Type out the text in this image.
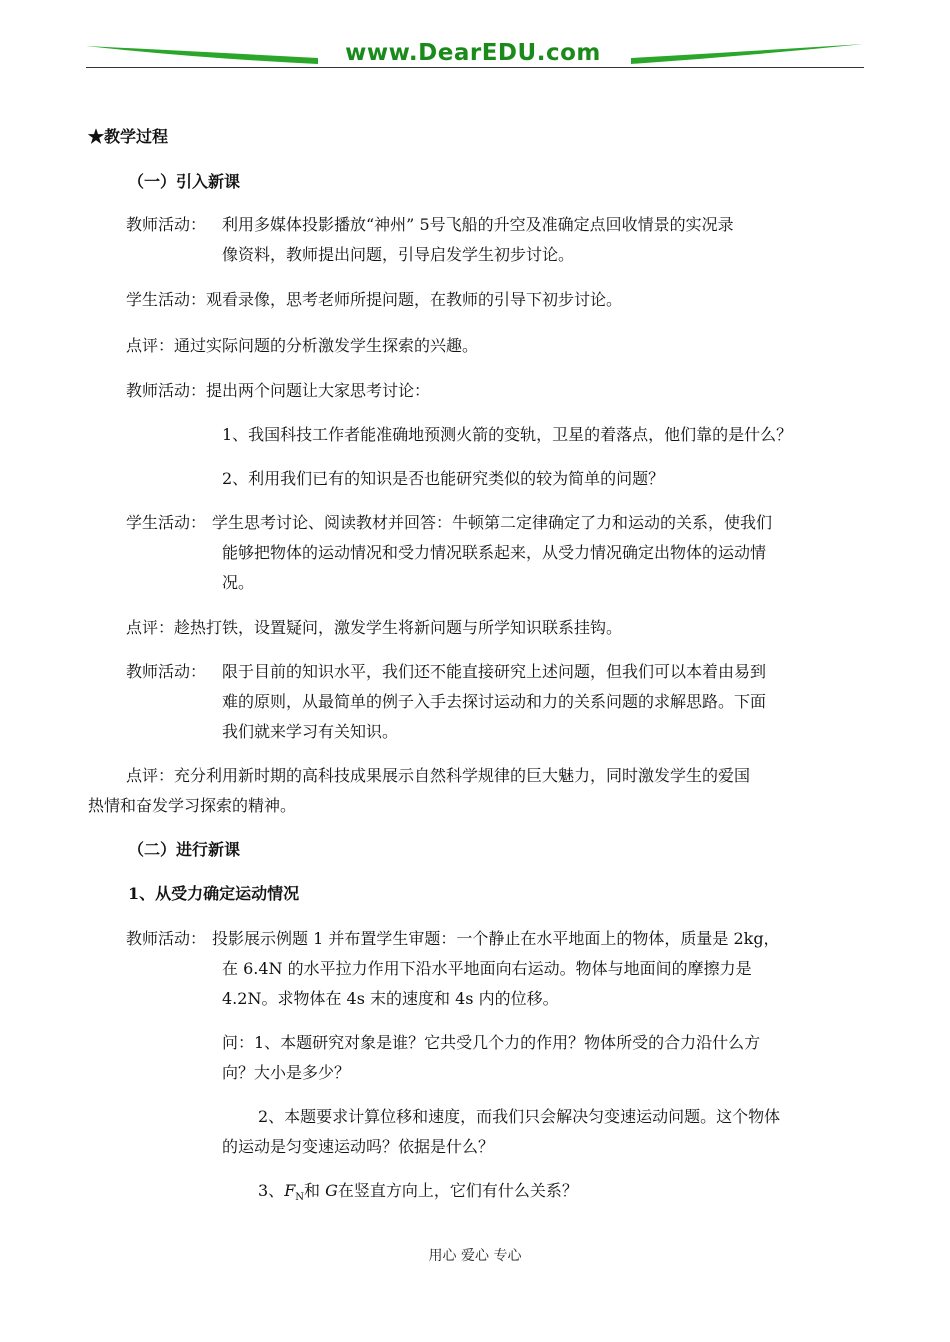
www.DearEDU.com
★教学过程
（一）引入新课
教师活动： 利用多媒体投影播放“神州” 5号飞船的升空及准确定点回收情景的实况录
像资料，教师提出问题，引导启发学生初步讨论。
学生活动：观看录像，思考老师所提问题，在教师的引导下初步讨论。
点评：通过实际问题的分析激发学生探索的兴趣。
教师活动：提出两个问题让大家思考讨论：
1、我国科技工作者能准确地预测火箭的变轨，卫星的着落点，他们靠的是什么？
2、利用我们已有的知识是否也能研究类似的较为简单的问题？
学生活动： 学生思考讨论、阅读教材并回答：牛顿第二定律确定了力和运动的关系，使我们
能够把物体的运动情况和受力情况联系起来，从受力情况确定出物体的运动情
况。
点评：趁热打铁，设置疑问，激发学生将新问题与所学知识联系挂钩。
教师活动： 限于目前的知识水平，我们还不能直接研究上述问题，但我们可以本着由易到
难的原则，从最简单的例子入手去探讨运动和力的关系问题的求解思路。下面
我们就来学习有关知识。
点评：充分利用新时期的高科技成果展示自然科学规律的巨大魅力，同时激发学生的爱国
热情和奋发学习探索的精神。
（二）进行新课
1、从受力确定运动情况
教师活动： 投影展示例题 1 并布置学生审题：一个静止在水平地面上的物体，质量是 2kg，
在 6.4N 的水平拉力作用下沿水平地面向右运动。物体与地面间的摩擦力是
4.2N。求物体在 4s 末的速度和 4s 内的位移。
问：1、本题研究对象是谁？它共受几个力的作用？物体所受的合力沿什么方
向？大小是多少？
2、本题要求计算位移和速度，而我们只会解决匀变速运动问题。这个物体
的运动是匀变速运动吗？依据是什么？
3、$F_N$和 G在竖直方向上，它们有什么关系？
用心 爱心 专心
